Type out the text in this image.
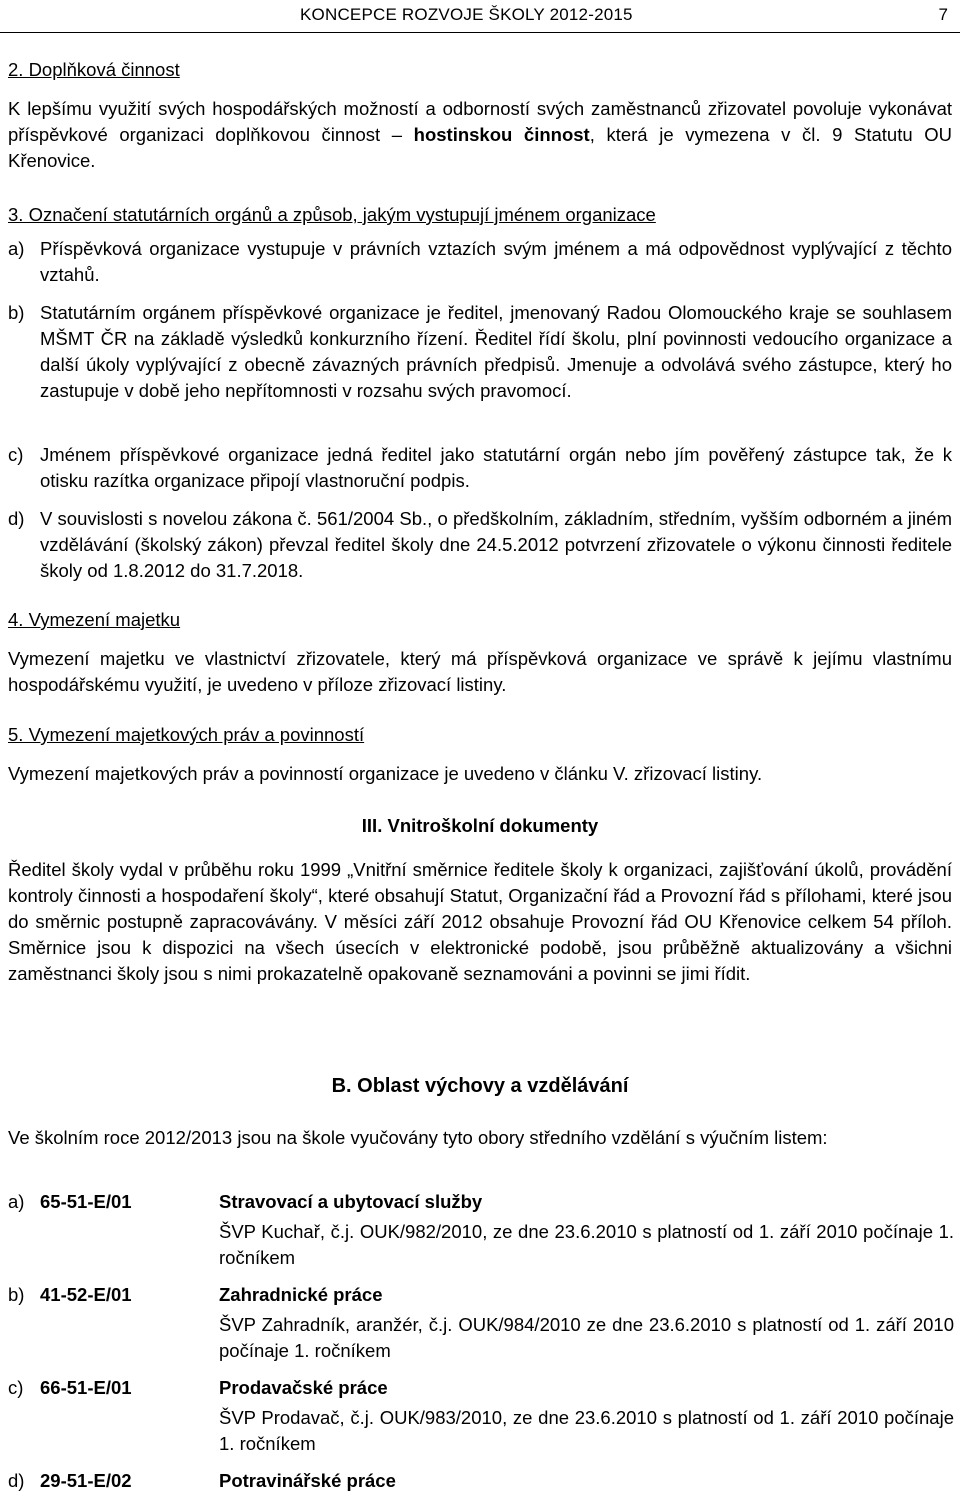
KONCEPCE ROZVOJE ŠKOLY 2012-2015	7
2. Doplňková činnost
K lepšímu využití svých hospodářských možností a odborností svých zaměstnanců zřizovatel povoluje vykonávat příspěvkové organizaci doplňkovou činnost – hostinskou činnost, která je vymezena v čl. 9 Statutu OU Křenovice.
3. Označení statutárních orgánů a způsob, jakým vystupují jménem organizace
a) Příspěvková organizace vystupuje v právních vztazích svým jménem a má odpovědnost vyplývající z těchto vztahů.
b) Statutárním orgánem příspěvkové organizace je ředitel, jmenovaný Radou Olomouckého kraje se souhlasem MŠMT ČR na základě výsledků konkurzního řízení. Ředitel řídí školu, plní povinnosti vedoucího organizace a další úkoly vyplývající z obecně závazných právních předpisů. Jmenuje a odvolává svého zástupce, který ho zastupuje v době jeho nepřítomnosti v rozsahu svých pravomocí.
c) Jménem příspěvkové organizace jedná ředitel jako statutární orgán nebo jím pověřený zástupce tak, že k otisku razítka organizace připojí vlastnoruční podpis.
d) V souvislosti s novelou zákona č. 561/2004 Sb., o předškolním, základním, středním, vyšším odborném a jiném vzdělávání (školský zákon) převzal ředitel školy dne 24.5.2012 potvrzení zřizovatele o výkonu činnosti ředitele školy od 1.8.2012 do 31.7.2018.
4. Vymezení majetku
Vymezení majetku ve vlastnictví zřizovatele, který má příspěvková organizace ve správě k jejímu vlastnímu hospodářskému využití, je uvedeno v příloze zřizovací listiny.
5. Vymezení majetkových práv a povinností
Vymezení majetkových práv a povinností organizace je uvedeno v článku V. zřizovací listiny.
III. Vnitroškolní dokumenty
Ředitel školy vydal v průběhu roku 1999 „Vnitřní směrnice ředitele školy k organizaci, zajišťování úkolů, provádění kontroly činnosti a hospodaření školy“, které obsahují Statut, Organizační řád a Provozní řád s přílohami, které jsou do směrnic postupně zapracovávány. V měsíci září 2012 obsahuje Provozní řád OU Křenovice celkem 54 příloh. Směrnice jsou k dispozici na všech úsecích v elektronické podobě, jsou průběžně aktualizovány a všichni zaměstnanci školy jsou s nimi prokazatelně opakovaně seznamováni a povinni se jimi řídit.
B. Oblast výchovy a vzdělávání
Ve školním roce 2012/2013 jsou na škole vyučovány tyto obory středního vzdělání s výučním listem:
a) 65-51-E/01	Stravovací a ubytovací služby
ŠVP Kuchař, č.j. OUK/982/2010, ze dne 23.6.2010 s platností od 1. září 2010 počínaje 1. ročníkem
b) 41-52-E/01	Zahradnické práce
ŠVP Zahradník, aranžér, č.j. OUK/984/2010 ze dne 23.6.2010 s platností od 1. září 2010 počínaje 1. ročníkem
c) 66-51-E/01	Prodavačské práce
ŠVP Prodavač, č.j. OUK/983/2010, ze dne 23.6.2010 s platností od 1. září 2010 počínaje 1. ročníkem
d) 29-51-E/02	Potravinářské práce
